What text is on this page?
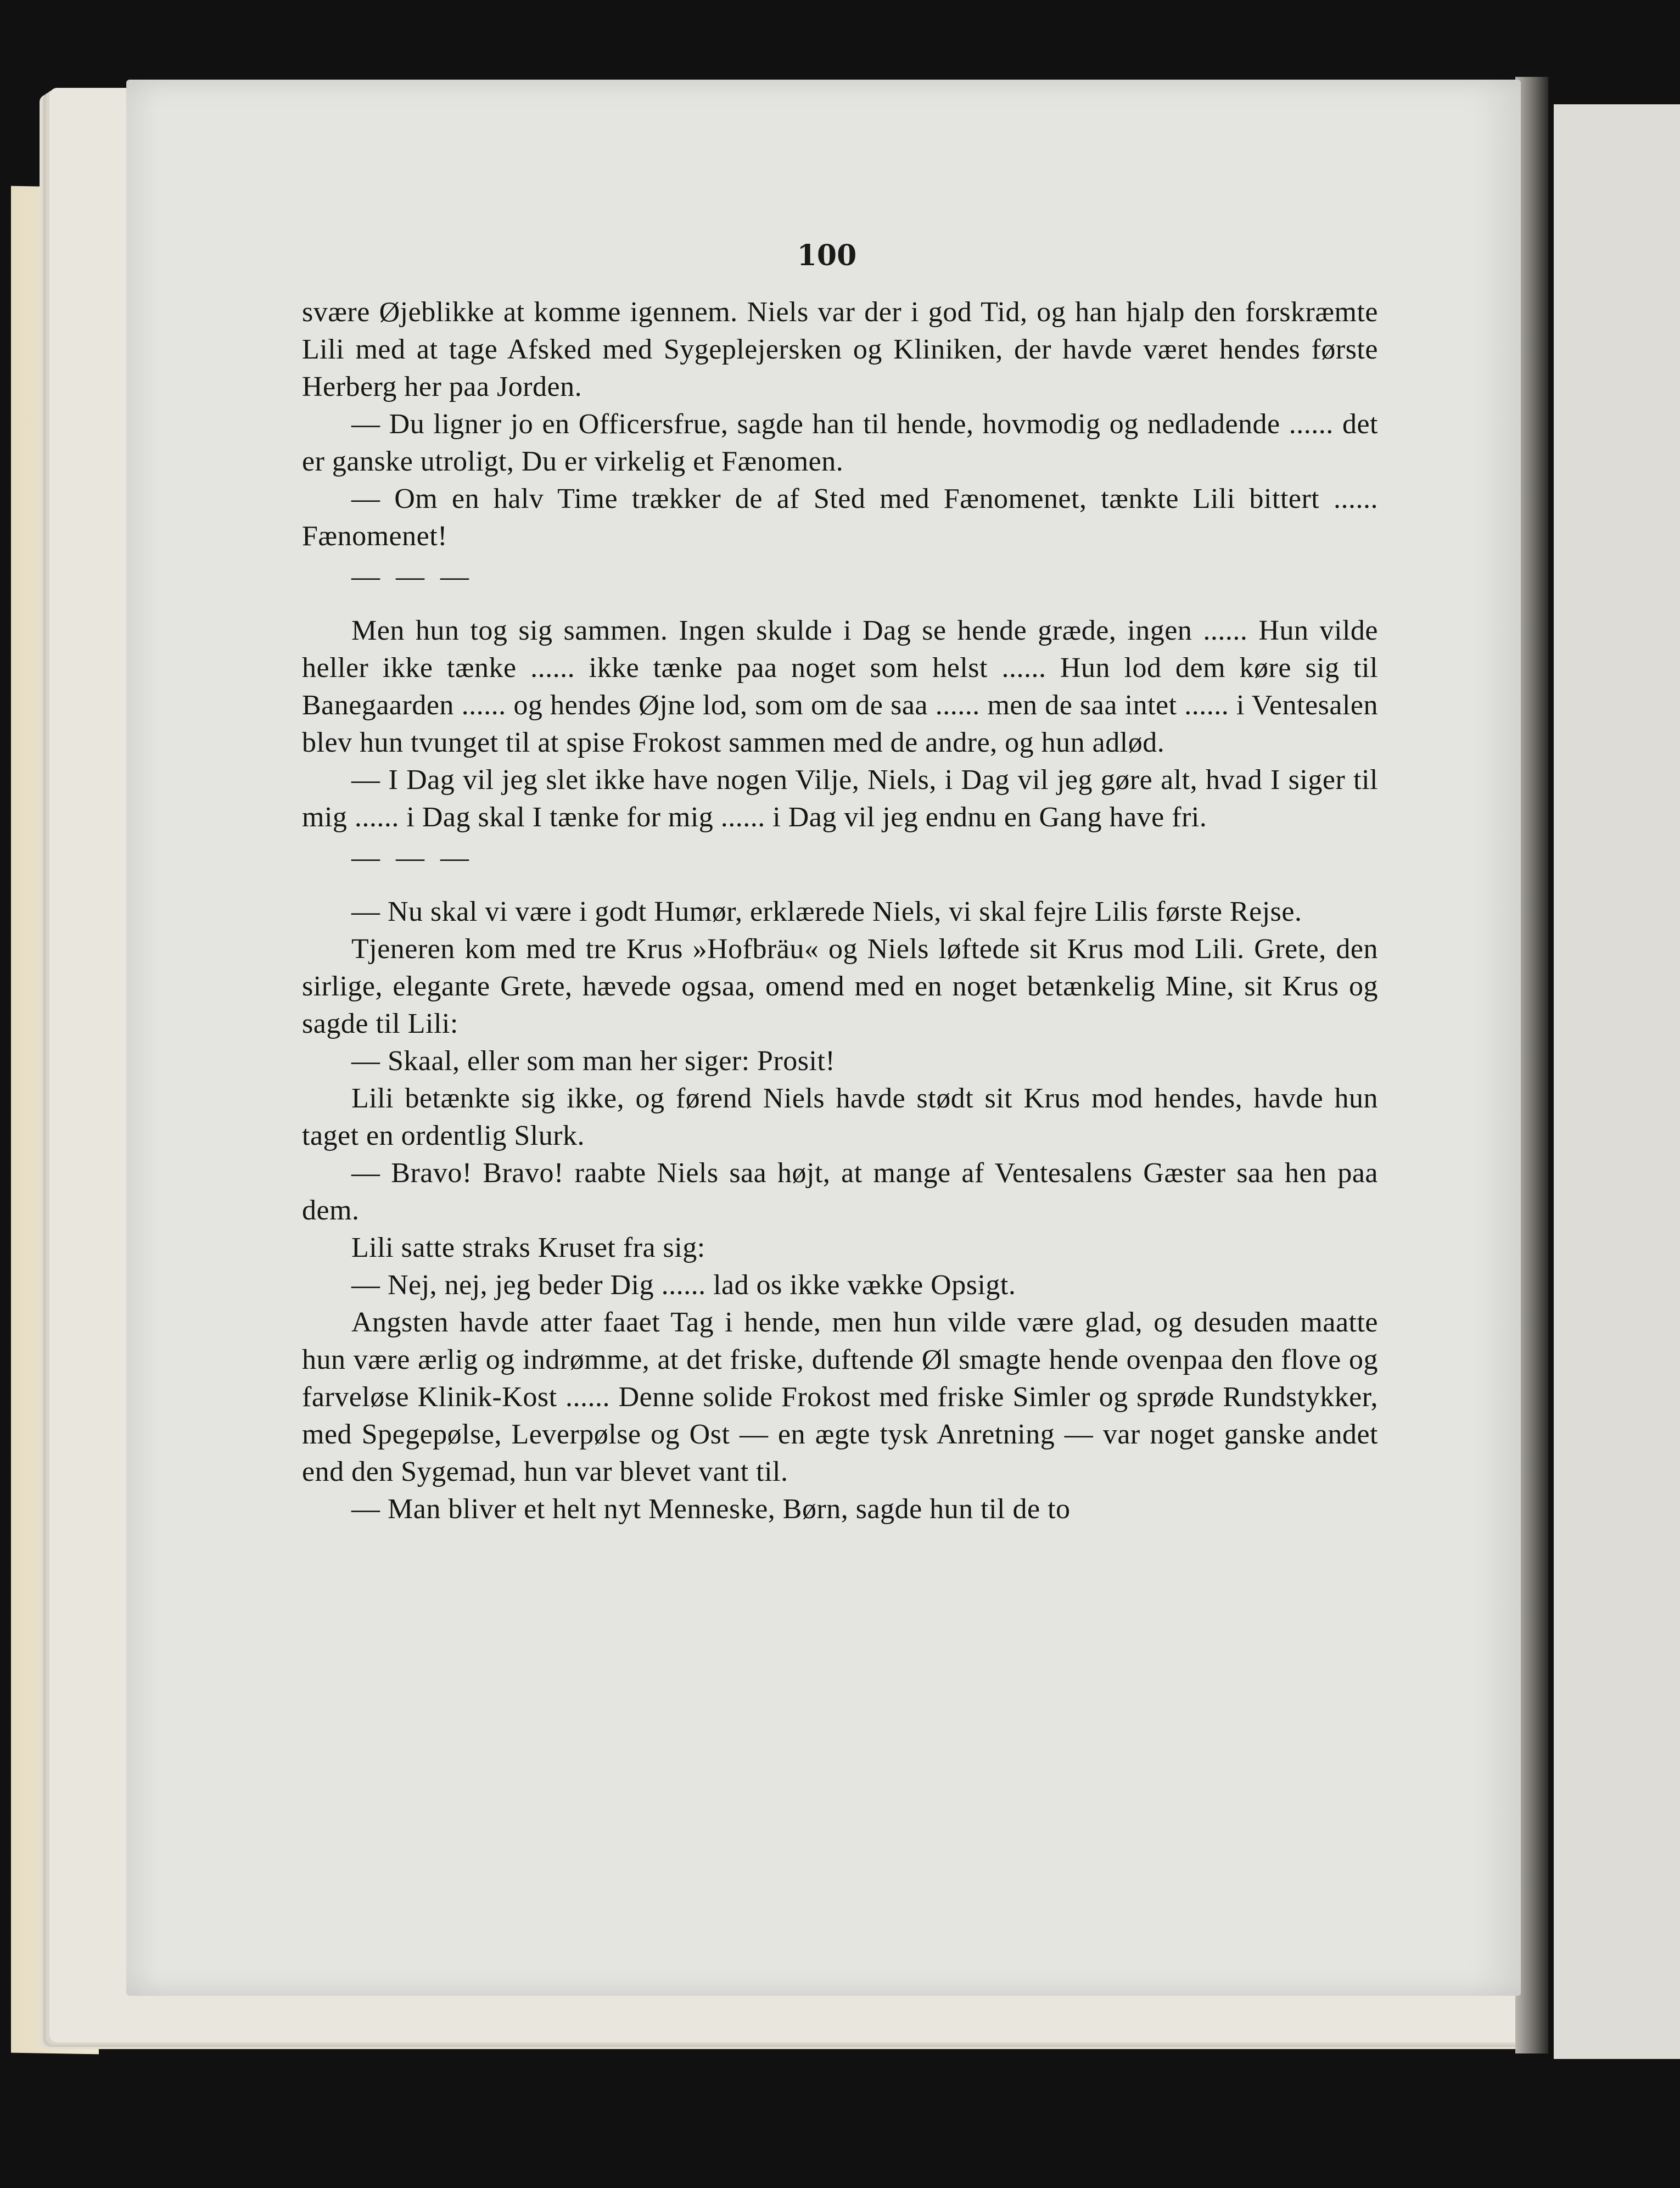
100

svære Øjeblikke at komme igennem. Niels var der i god Tid, og han hjalp den forskræmte Lili med at tage Afsked med Sygeplejersken og Kliniken, der havde været hendes første Herberg her paa Jorden.

— Du ligner jo en Officersfrue, sagde han til hende, hovmodig og nedladende ...... det er ganske utroligt, Du er virkelig et Fænomen.

— Om en halv Time trækker de af Sted med Fænomenet, tænkte Lili bittert ...... Fænomenet!

— — —

Men hun tog sig sammen. Ingen skulde i Dag se hende græde, ingen ...... Hun vilde heller ikke tænke ...... ikke tænke paa noget som helst ...... Hun lod dem køre sig til Banegaarden ...... og hendes Øjne lod, som om de saa ...... men de saa intet ...... i Ventesalen blev hun tvunget til at spise Frokost sammen med de andre, og hun adlød.

— I Dag vil jeg slet ikke have nogen Vilje, Niels, i Dag vil jeg gøre alt, hvad I siger til mig ...... i Dag skal I tænke for mig ...... i Dag vil jeg endnu en Gang have fri.

— — —

— Nu skal vi være i godt Humør, erklærede Niels, vi skal fejre Lilis første Rejse.

Tjeneren kom med tre Krus »Hofbräu« og Niels løftede sit Krus mod Lili. Grete, den sirlige, elegante Grete, hævede ogsaa, omend med en noget betænkelig Mine, sit Krus og sagde til Lili:

— Skaal, eller som man her siger: Prosit!

Lili betænkte sig ikke, og førend Niels havde stødt sit Krus mod hendes, havde hun taget en ordentlig Slurk.

— Bravo! Bravo! raabte Niels saa højt, at mange af Ventesalens Gæster saa hen paa dem.

Lili satte straks Kruset fra sig:

— Nej, nej, jeg beder Dig ...... lad os ikke vække Opsigt.

Angsten havde atter faaet Tag i hende, men hun vilde være glad, og desuden maatte hun være ærlig og indrømme, at det friske, duftende Øl smagte hende ovenpaa den flove og farveløse Klinik-Kost ...... Denne solide Frokost med friske Simler og sprøde Rundstykker, med Spegepølse, Leverpølse og Ost — en ægte tysk Anretning — var noget ganske andet end den Sygemad, hun var blevet vant til.

— Man bliver et helt nyt Menneske, Børn, sagde hun til de to
